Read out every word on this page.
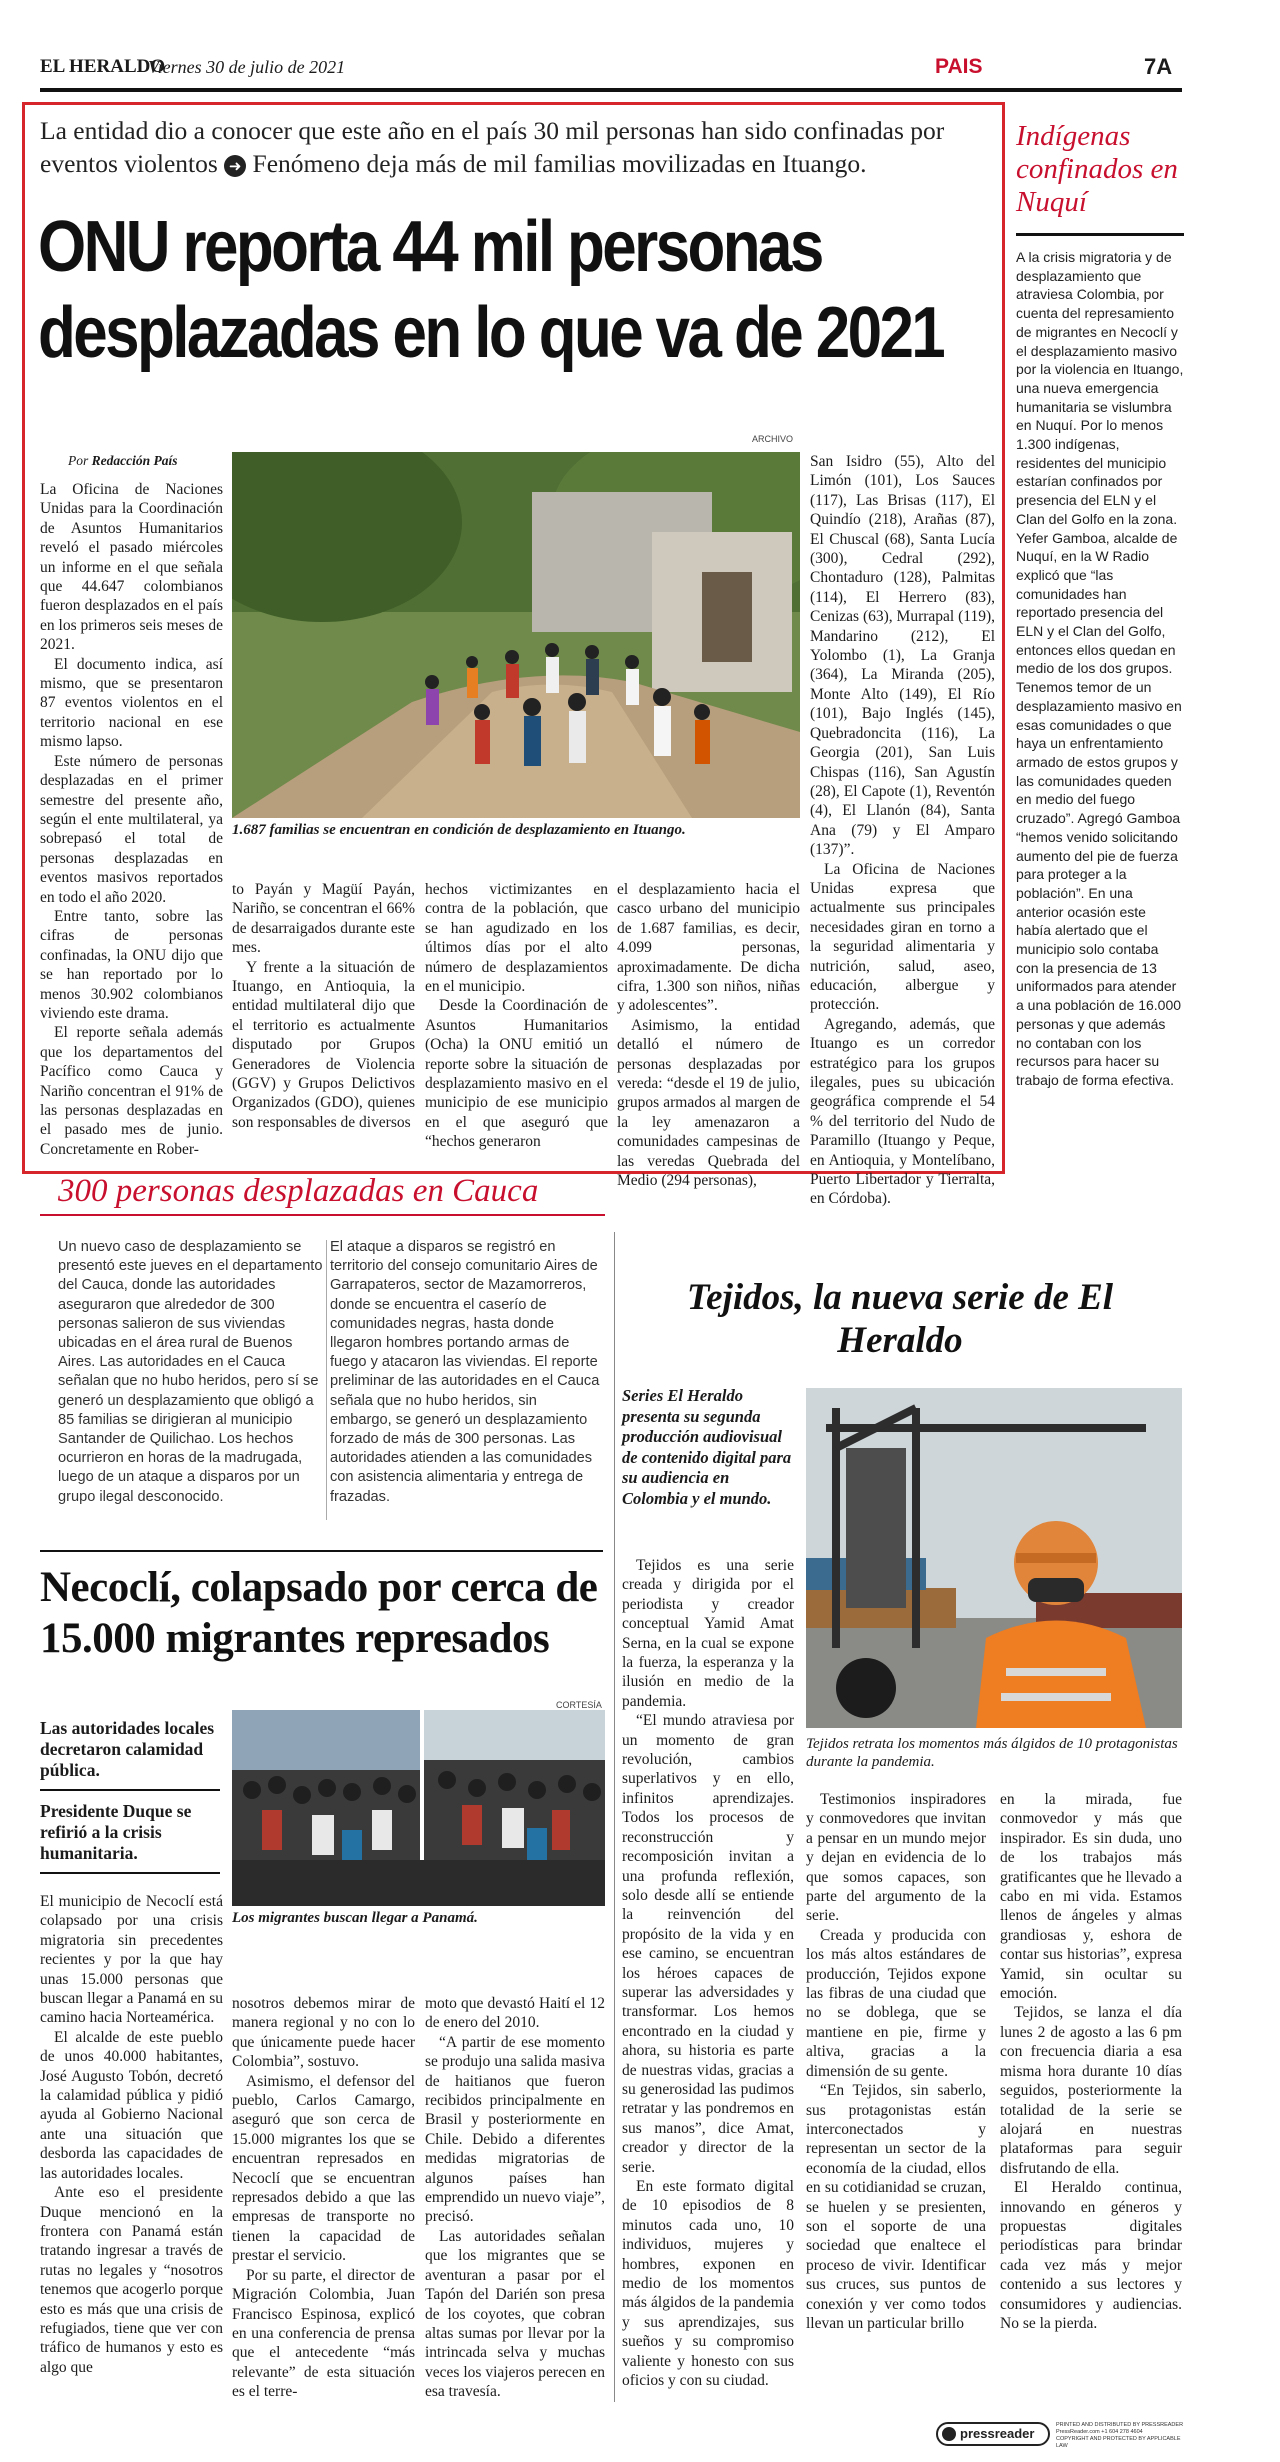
EL HERALDO
Viernes 30 de julio de 2021	PAIS	7A
La entidad dio a conocer que este año en el país 30 mil personas han sido confinadas por eventos violentos ➜ Fenómeno deja más de mil familias movilizadas en Ituango.
ONU reporta 44 mil personas desplazadas en lo que va de 2021
ARCHIVO
Por Redacción País
1.687 familias se encuentran en condición de desplazamiento en Ituango.

La Oficina de Naciones Unidas para la Coordinación de Asuntos Humanitarios reveló el pasado miércoles un informe en el que señala que 44.647 colombianos fueron desplazados en el país en los primeros seis meses de 2021.

El documento indica, así mismo, que se presentaron 87 eventos violentos en el territorio nacional en ese mismo lapso.

Este número de personas desplazadas en el primer semestre del presente año, según el ente multilateral, ya sobrepasó el total de personas desplazadas en eventos masivos reportados en todo el año 2020.

Entre tanto, sobre las cifras de personas confinadas, la ONU dijo que se han reportado por lo menos 30.902 colombianos viviendo este drama.

El reporte señala además que los departamentos del Pacífico como Cauca y Nariño concentran el 91% de las personas desplazadas en el pasado mes de junio. Concretamente en Rober-

to Payán y Magüí Payán, Nariño, se concentran el 66% de desarraigados durante este mes.

Y frente a la situación de Ituango, en Antioquia, la entidad multilateral dijo que el territorio es actualmente disputado por Grupos Generadores de Violencia (GGV) y Grupos Delictivos Organizados (GDO), quienes son responsables de diversos

hechos victimizantes en contra de la población, que se han agudizado en los últimos días por el alto número de desplazamientos en el municipio.

Desde la Coordinación de Asuntos Humanitarios (Ocha) la ONU emitió un reporte sobre la situación de desplazamiento masivo en el municipio de ese municipio en el que aseguró que “hechos generaron

el desplazamiento hacia el casco urbano del municipio de 1.687 familias, es decir, 4.099 personas, aproximadamente. De dicha cifra, 1.300 son niños, niñas y adolescentes”.

Asimismo, la entidad detalló el número de personas desplazadas por vereda: “desde el 19 de julio, grupos armados al margen de la ley amenazaron a comunidades campesinas de las veredas Quebrada del Medio (294 personas),

San Isidro (55), Alto del Limón (101), Los Sauces (117), Las Brisas (117), El Quindío (218), Arañas (87), El Chuscal (68), Santa Lucía (300), Cedral (292), Chontaduro (128), Palmitas (114), El Herrero (83), Cenizas (63), Murrapal (119), Mandarino (212), El Yolombo (1), La Granja (364), La Miranda (205), Monte Alto (149), El Río (101), Bajo Inglés (145), Quebradoncita (116), La Georgia (201), San Luis Chispas (116), San Agustín (28), El Capote (1), Reventón (4), El Llanón (84), Santa Ana (79) y El Amparo (137)”.

La Oficina de Naciones Unidas expresa que actualmente sus principales necesidades giran en torno a la seguridad alimentaria y nutrición, salud, aseo, educación, albergue y protección.

Agregando, además, que Ituango es un corredor estratégico para los grupos ilegales, pues su ubicación geográfica comprende el 54 % del territorio del Nudo de Paramillo (Ituango y Peque, en Antioquia, y Montelíbano, Puerto Libertador y Tierralta, en Córdoba).

Indígenas confinados en Nuquí
A la crisis migratoria y de desplazamiento que atraviesa Colombia, por cuenta del represamiento de migrantes en Necoclí y el desplazamiento masivo por la violencia en Ituango, una nueva emergencia humanitaria se vislumbra en Nuquí. Por lo menos 1.300 indígenas, residentes del municipio estarían confinados por presencia del ELN y el Clan del Golfo en la zona. Yefer Gamboa, alcalde de Nuquí, en la W Radio explicó que “las comunidades han reportado presencia del ELN y el Clan del Golfo, entonces ellos quedan en medio de los dos grupos. Tenemos temor de un desplazamiento masivo en esas comunidades o que haya un enfrentamiento armado de estos grupos y las comunidades queden en medio del fuego cruzado”. Agregó Gamboa “hemos venido solicitando aumento del pie de fuerza para proteger a la población”. En una anterior ocasión este había alertado que el municipio solo contaba con la presencia de 13 uniformados para atender a una población de 16.000 personas y que además no contaban con los recursos para hacer su trabajo de forma efectiva.
300 personas desplazadas en Cauca
Un nuevo caso de desplazamiento se presentó este jueves en el departamento del Cauca, donde las autoridades aseguraron que alrededor de 300 personas salieron de sus viviendas ubicadas en el área rural de Buenos Aires. Las autoridades en el Cauca señalan que no hubo heridos, pero sí se generó un desplazamiento que obligó a 85 familias se dirigieran al municipio Santander de Quilichao. Los hechos ocurrieron en horas de la madrugada, luego de un ataque a disparos por un grupo ilegal desconocido.
El ataque a disparos se registró en territorio del consejo comunitario Aires de Garrapateros, sector de Mazamorreros, donde se encuentra el caserío de comunidades negras, hasta donde llegaron hombres portando armas de fuego y atacaron las viviendas. El reporte preliminar de las autoridades en el Cauca señala que no hubo heridos, sin embargo, se generó un desplazamiento forzado de más de 300 personas. Las autoridades atienden a las comunidades con asistencia alimentaria y entrega de frazadas.
Necoclí, colapsado por cerca de 15.000 migrantes represados
CORTESÍA
Las autoridades locales decretaron calamidad pública.
Presidente Duque se refirió a la crisis humanitaria.
Los migrantes buscan llegar a Panamá.

El municipio de Necoclí está colapsado por una crisis migratoria sin precedentes recientes y por la que hay unas 15.000 personas que buscan llegar a Panamá en su camino hacia Norteamérica.

El alcalde de este pueblo de unos 40.000 habitantes, José Augusto Tobón, decretó la calamidad pública y pidió ayuda al Gobierno Nacional ante una situación que desborda las capacidades de las autoridades locales.

Ante eso el presidente Duque mencionó en la frontera con Panamá están tratando ingresar a través de rutas no legales y “nosotros tenemos que acogerlo porque esto es más que una crisis de refugiados, tiene que ver con tráfico de humanos y esto es algo que

nosotros debemos mirar de manera regional y no con lo que únicamente puede hacer Colombia”, sostuvo.

Asimismo, el defensor del pueblo, Carlos Camargo, aseguró que son cerca de 15.000 migrantes los que se encuentran represados en Necoclí que se encuentran represados debido a que las empresas de transporte no tienen la capacidad de prestar el servicio.

Por su parte, el director de Migración Colombia, Juan Francisco Espinosa, explicó en una conferencia de prensa que el antecedente “más relevante” de esta situación es el terre-

moto que devastó Haití el 12 de enero del 2010.

“A partir de ese momento se produjo una salida masiva de haitianos que fueron recibidos principalmente en Brasil y posteriormente en Chile. Debido a diferentes medidas migratorias de algunos países han emprendido un nuevo viaje”, precisó.

Las autoridades señalan que los migrantes que se aventuran a pasar por el Tapón del Darién son presa de los coyotes, que cobran altas sumas por llevar por la intrincada selva y muchas veces los viajeros perecen en esa travesía.

Tejidos, la nueva serie de El Heraldo
Series El Heraldo presenta su segunda producción audiovisual de contenido digital para su audiencia en Colombia y el mundo.
Tejidos retrata los momentos más álgidos de 10 protagonistas durante la pandemia.

Tejidos es una serie creada y dirigida por el periodista y creador conceptual Yamid Amat Serna, en la cual se expone la fuerza, la esperanza y la ilusión en medio de la pandemia.

“El mundo atraviesa por un momento de gran revolución, cambios superlativos y en ello, infinitos aprendizajes. Todos los procesos de reconstrucción y recomposición invitan a una profunda reflexión, solo desde allí se entiende la reinvención del propósito de la vida y en ese camino, se encuentran los héroes capaces de superar las adversidades y transformar. Los hemos encontrado en la ciudad y ahora, su historia es parte de nuestras vidas, gracias a su generosidad las pudimos retratar y las pondremos en sus manos”, dice Amat, creador y director de la serie.

En este formato digital de 10 episodios de 8 minutos cada uno, 10 individuos, mujeres y hombres, exponen en medio de los momentos más álgidos de la pandemia y sus aprendizajes, sus sueños y su compromiso valiente y honesto con sus oficios y con su ciudad.

Testimonios inspiradores y conmovedores que invitan a pensar en un mundo mejor y dejan en evidencia de lo que somos capaces, son parte del argumento de la serie.

Creada y producida con los más altos estándares de producción, Tejidos expone las fibras de una ciudad que no se doblega, que se mantiene en pie, firme y altiva, gracias a la dimensión de su gente.

“En Tejidos, sin saberlo, sus protagonistas están interconectados y representan un sector de la economía de la ciudad, ellos en su cotidianidad se cruzan, se huelen y se presienten, son el soporte de una sociedad que enaltece el proceso de vivir. Identificar sus cruces, sus puntos de conexión y ver como todos llevan un particular brillo

en la mirada, fue conmovedor y más que inspirador. Es sin duda, uno de los trabajos más gratificantes que he llevado a cabo en mi vida. Estamos llenos de ángeles y almas grandiosas y, eshora de contar sus historias”, expresa Yamid, sin ocultar su emoción.

Tejidos, se lanza el día lunes 2 de agosto a las 6 pm con frecuencia diaria a esa misma hora durante 10 días seguidos, posteriormente la totalidad de la serie se alojará en nuestras plataformas para seguir disfrutando de ella.

El Heraldo continua, innovando en géneros y propuestas digitales periodísticas para brindar cada vez más y mejor contenido a sus lectores y consumidores y audiencias. No se la pierda.

pressreader
PRINTED AND DISTRIBUTED BY PRESSREADER
PressReader.com +1 604 278 4604
COPYRIGHT AND PROTECTED BY APPLICABLE LAW
